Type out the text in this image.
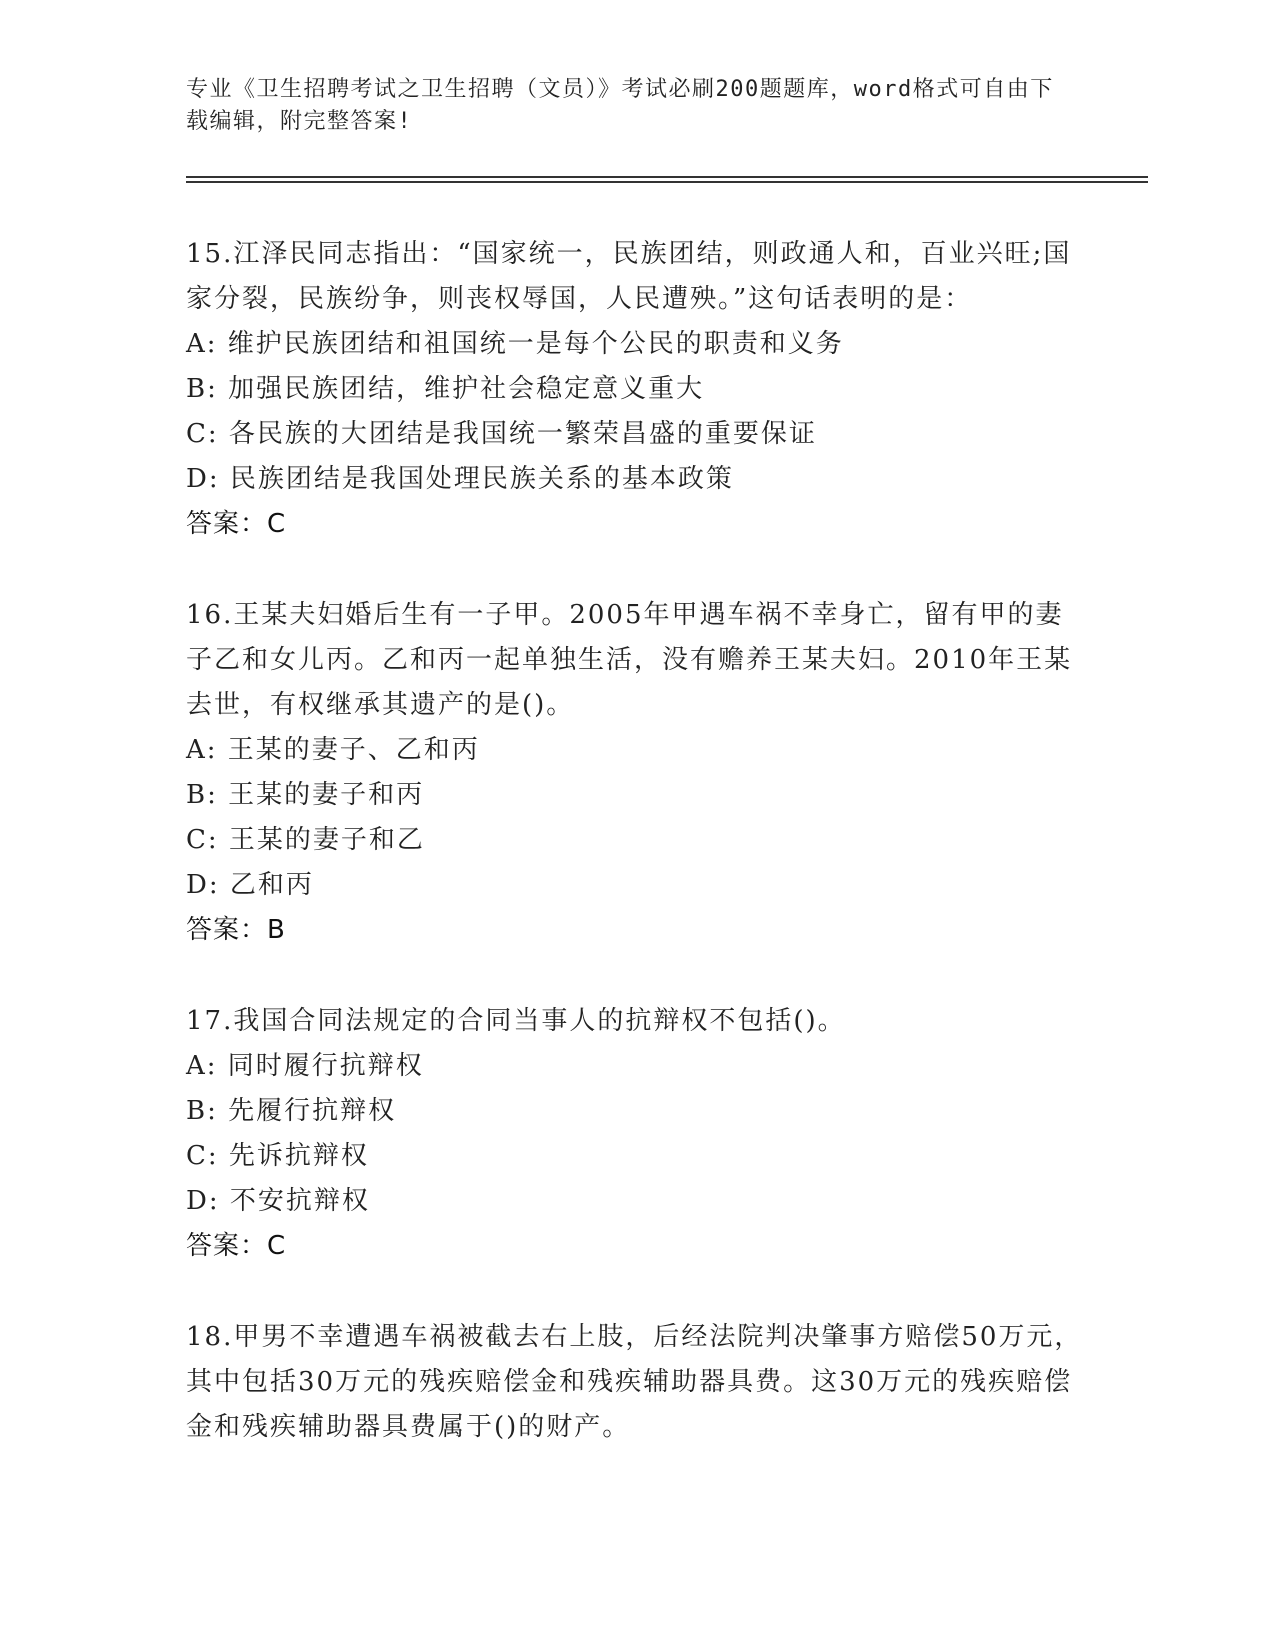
专业《卫生招聘考试之卫生招聘（文员）》考试必刷200题题库，word格式可自由下载编辑，附完整答案!

15.江泽民同志指出：“国家统一，民族团结，则政通人和，百业兴旺;国家分裂，民族纷争，则丧权辱国，人民遭殃。”这句话表明的是：

A: 维护民族团结和祖国统一是每个公民的职责和义务

B: 加强民族团结，维护社会稳定意义重大

C: 各民族的大团结是我国统一繁荣昌盛的重要保证

D: 民族团结是我国处理民族关系的基本政策

答案：C

16.王某夫妇婚后生有一子甲。2005年甲遇车祸不幸身亡，留有甲的妻子乙和女儿丙。乙和丙一起单独生活，没有赡养王某夫妇。2010年王某去世，有权继承其遗产的是()。

A: 王某的妻子、乙和丙

B: 王某的妻子和丙

C: 王某的妻子和乙

D: 乙和丙

答案：B

17.我国合同法规定的合同当事人的抗辩权不包括()。

A: 同时履行抗辩权

B: 先履行抗辩权

C: 先诉抗辩权

D: 不安抗辩权

答案：C

18.甲男不幸遭遇车祸被截去右上肢，后经法院判决肇事方赔偿50万元，其中包括30万元的残疾赔偿金和残疾辅助器具费。这30万元的残疾赔偿金和残疾辅助器具费属于()的财产。
